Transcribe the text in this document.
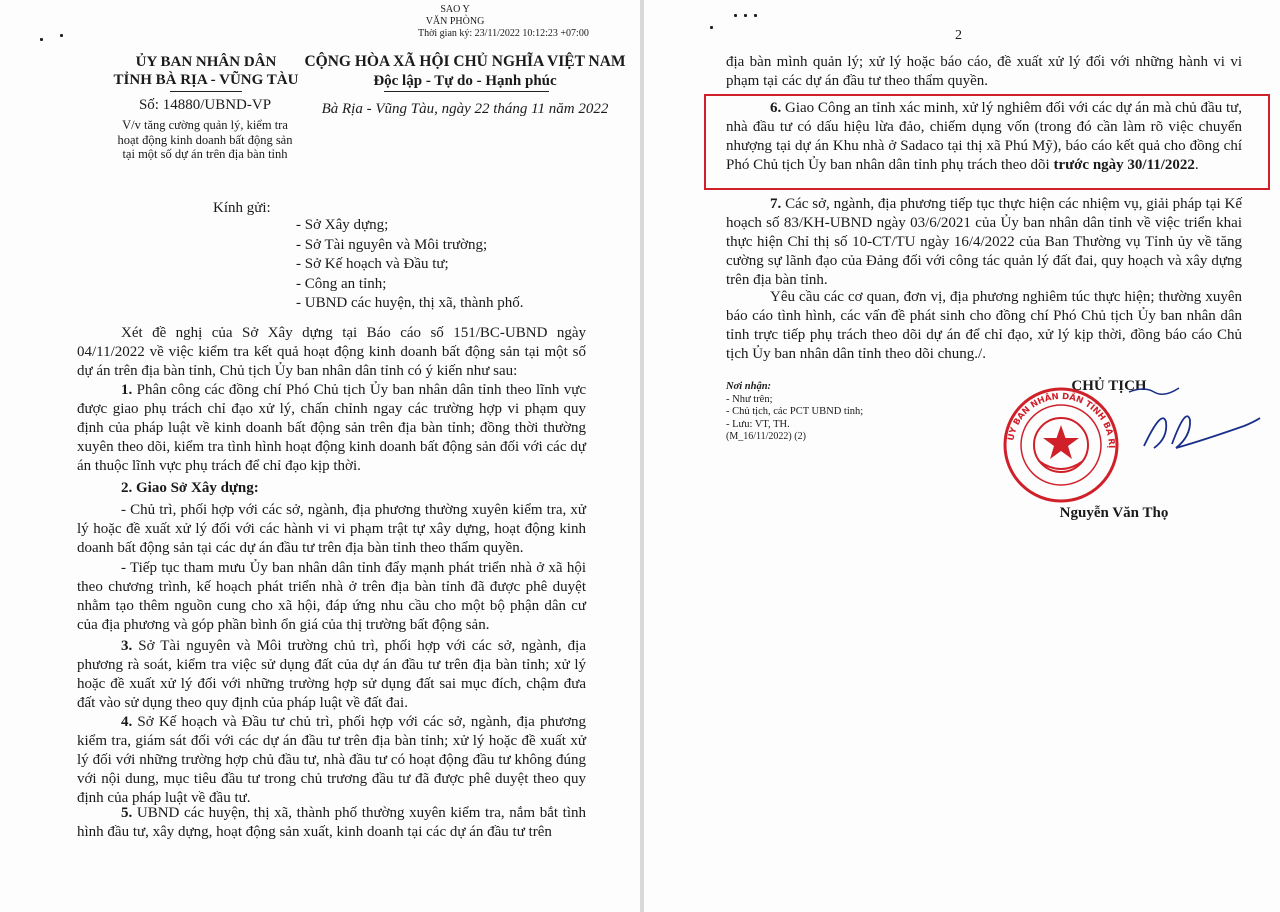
SAO Y
VĂN PHÒNG
Thời gian ký: 23/11/2022 10:12:23 +07:00
ỦY BAN NHÂN DÂN
TỈNH BÀ RỊA - VŨNG TÀU
Số: 14880/UBND-VP
V/v tăng cường quản lý, kiểm tra
hoạt động kinh doanh bất động sản
tại một số dự án trên địa bàn tỉnh
CỘNG HÒA XÃ HỘI CHỦ NGHĨA VIỆT NAM
Độc lập - Tự do - Hạnh phúc
Bà Rịa - Vũng Tàu, ngày 22 tháng 11 năm 2022
Kính gửi:
- Sở Xây dựng;
- Sở Tài nguyên và Môi trường;
- Sở Kế hoạch và Đầu tư;
- Công an tỉnh;
- UBND các huyện, thị xã, thành phố.
Xét đề nghị của Sở Xây dựng tại Báo cáo số 151/BC-UBND ngày 04/11/2022 về việc kiểm tra kết quả hoạt động kinh doanh bất động sản tại một số dự án trên địa bàn tỉnh, Chủ tịch Ủy ban nhân dân tỉnh có ý kiến như sau:
1. Phân công các đồng chí Phó Chủ tịch Ủy ban nhân dân tỉnh theo lĩnh vực được giao phụ trách chỉ đạo xử lý, chấn chỉnh ngay các trường hợp vi phạm quy định của pháp luật về kinh doanh bất động sản trên địa bàn tỉnh; đồng thời thường xuyên theo dõi, kiểm tra tình hình hoạt động kinh doanh bất động sản đối với các dự án thuộc lĩnh vực phụ trách để chỉ đạo kịp thời.
2. Giao Sở Xây dựng:
- Chủ trì, phối hợp với các sở, ngành, địa phương thường xuyên kiểm tra, xử lý hoặc đề xuất xử lý đối với các hành vi vi phạm trật tự xây dựng, hoạt động kinh doanh bất động sản tại các dự án đầu tư trên địa bàn tỉnh theo thẩm quyền.
- Tiếp tục tham mưu Ủy ban nhân dân tỉnh đẩy mạnh phát triển nhà ở xã hội theo chương trình, kế hoạch phát triển nhà ở trên địa bàn tỉnh đã được phê duyệt nhằm tạo thêm nguồn cung cho xã hội, đáp ứng nhu cầu cho một bộ phận dân cư của địa phương và góp phần bình ổn giá của thị trường bất động sản.
3. Sở Tài nguyên và Môi trường chủ trì, phối hợp với các sở, ngành, địa phương rà soát, kiểm tra việc sử dụng đất của dự án đầu tư trên địa bàn tỉnh; xử lý hoặc đề xuất xử lý đối với những trường hợp sử dụng đất sai mục đích, chậm đưa đất vào sử dụng theo quy định của pháp luật về đất đai.
4. Sở Kế hoạch và Đầu tư chủ trì, phối hợp với các sở, ngành, địa phương kiểm tra, giám sát đối với các dự án đầu tư trên địa bàn tỉnh; xử lý hoặc đề xuất xử lý đối với những trường hợp chủ đầu tư, nhà đầu tư có hoạt động đầu tư không đúng với nội dung, mục tiêu đầu tư trong chủ trương đầu tư đã được phê duyệt theo quy định của pháp luật về đầu tư.
5. UBND các huyện, thị xã, thành phố thường xuyên kiểm tra, nắm bắt tình hình đầu tư, xây dựng, hoạt động sản xuất, kinh doanh tại các dự án đầu tư trên
2
địa bàn mình quản lý; xử lý hoặc báo cáo, đề xuất xử lý đối với những hành vi vi phạm tại các dự án đầu tư theo thẩm quyền.
6. Giao Công an tỉnh xác minh, xử lý nghiêm đối với các dự án mà chủ đầu tư, nhà đầu tư có dấu hiệu lừa đảo, chiếm dụng vốn (trong đó cần làm rõ việc chuyển nhượng tại dự án Khu nhà ở Sadaco tại thị xã Phú Mỹ), báo cáo kết quả cho đồng chí Phó Chủ tịch Ủy ban nhân dân tỉnh phụ trách theo dõi trước ngày 30/11/2022.
7. Các sở, ngành, địa phương tiếp tục thực hiện các nhiệm vụ, giải pháp tại Kế hoạch số 83/KH-UBND ngày 03/6/2021 của Ủy ban nhân dân tỉnh về việc triển khai thực hiện Chỉ thị số 10-CT/TU ngày 16/4/2022 của Ban Thường vụ Tỉnh ủy về tăng cường sự lãnh đạo của Đảng đối với công tác quản lý đất đai, quy hoạch và xây dựng trên địa bàn tỉnh.
Yêu cầu các cơ quan, đơn vị, địa phương nghiêm túc thực hiện; thường xuyên báo cáo tình hình, các vấn đề phát sinh cho đồng chí Phó Chủ tịch Ủy ban nhân dân tỉnh trực tiếp phụ trách theo dõi dự án để chỉ đạo, xử lý kịp thời, đồng báo cáo Chủ tịch Ủy ban nhân dân tỉnh theo dõi chung./.
Nơi nhận:
- Như trên;
- Chủ tịch, các PCT UBND tỉnh;
- Lưu: VT, TH.
(M_16/11/2022) (2)
CHỦ TỊCH
ỦY BAN NHÂN DÂN TỈNH BÀ RỊA - VŨNG TÀU
Nguyễn Văn Thọ
